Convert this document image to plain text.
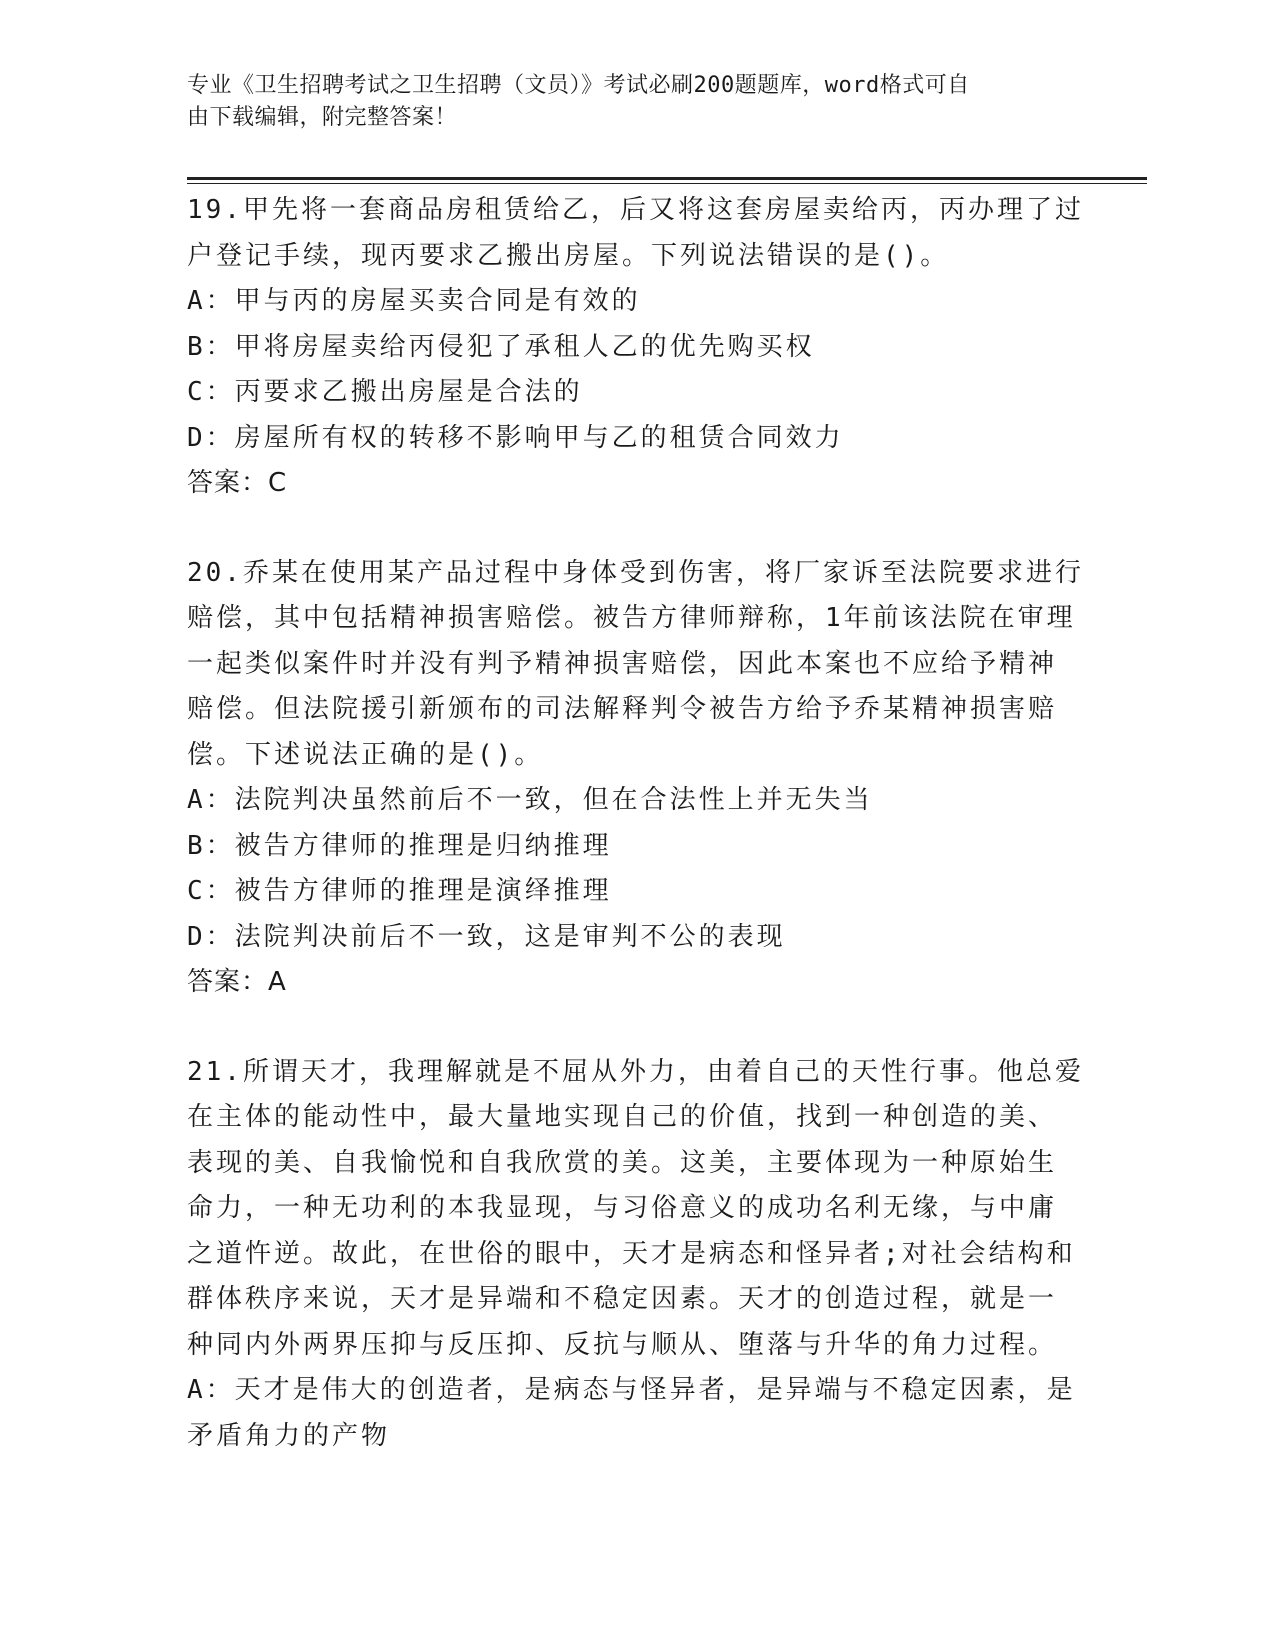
专业《卫生招聘考试之卫生招聘（文员）》考试必刷200题题库，word格式可自
由下载编辑，附完整答案！
19.甲先将一套商品房租赁给乙，后又将这套房屋卖给丙，丙办理了过
户登记手续，现丙要求乙搬出房屋。下列说法错误的是()。
A：甲与丙的房屋买卖合同是有效的
B：甲将房屋卖给丙侵犯了承租人乙的优先购买权
C：丙要求乙搬出房屋是合法的
D：房屋所有权的转移不影响甲与乙的租赁合同效力
答案：C
20.乔某在使用某产品过程中身体受到伤害，将厂家诉至法院要求进行
赔偿，其中包括精神损害赔偿。被告方律师辩称，1年前该法院在审理
一起类似案件时并没有判予精神损害赔偿，因此本案也不应给予精神
赔偿。但法院援引新颁布的司法解释判令被告方给予乔某精神损害赔
偿。下述说法正确的是()。
A：法院判决虽然前后不一致，但在合法性上并无失当
B：被告方律师的推理是归纳推理
C：被告方律师的推理是演绎推理
D：法院判决前后不一致，这是审判不公的表现
答案：A
21.所谓天才，我理解就是不屈从外力，由着自己的天性行事。他总爱
在主体的能动性中，最大量地实现自己的价值，找到一种创造的美、
表现的美、自我愉悦和自我欣赏的美。这美，主要体现为一种原始生
命力，一种无功利的本我显现，与习俗意义的成功名利无缘，与中庸
之道忤逆。故此，在世俗的眼中，天才是病态和怪异者;对社会结构和
群体秩序来说，天才是异端和不稳定因素。天才的创造过程，就是一
种同内外两界压抑与反压抑、反抗与顺从、堕落与升华的角力过程。
A：天才是伟大的创造者，是病态与怪异者，是异端与不稳定因素，是
矛盾角力的产物
